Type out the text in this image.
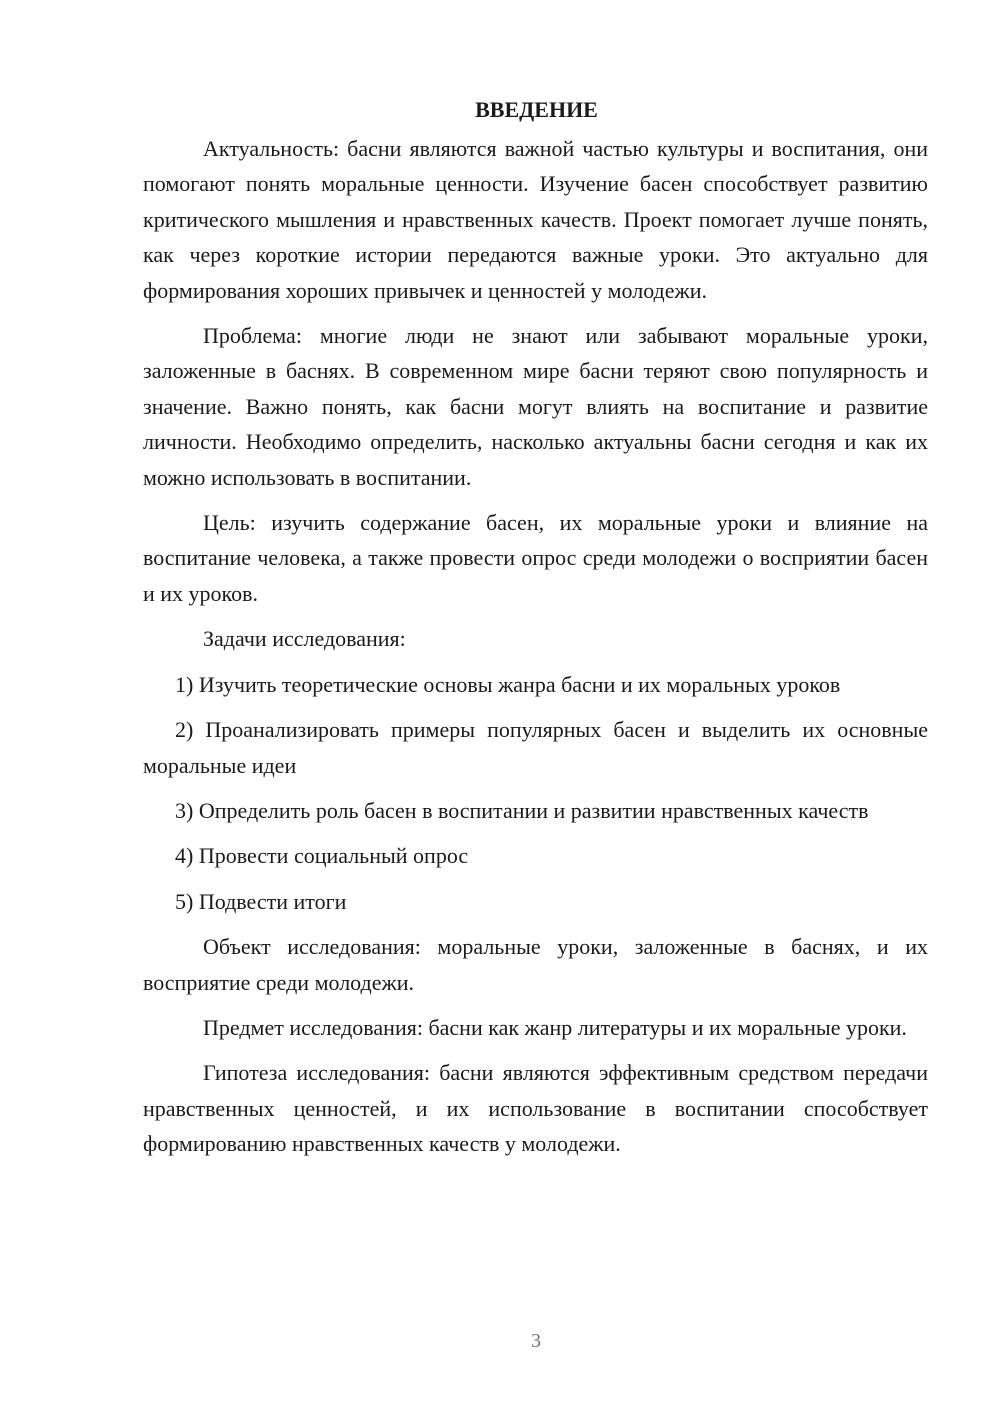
ВВЕДЕНИЕ

Актуальность: басни являются важной частью культуры и воспитания, они помогают понять моральные ценности. Изучение басен способствует развитию критического мышления и нравственных качеств. Проект помогает лучше понять, как через короткие истории передаются важные уроки. Это актуально для формирования хороших привычек и ценностей у молодежи.

Проблема: многие люди не знают или забывают моральные уроки, заложенные в баснях. В современном мире басни теряют свою популярность и значение. Важно понять, как басни могут влиять на воспитание и развитие личности. Необходимо определить, насколько актуальны басни сегодня и как их можно использовать в воспитании.

Цель: изучить содержание басен, их моральные уроки и влияние на воспитание человека, а также провести опрос среди молодежи о восприятии басен и их уроков.

Задачи исследования:

1) Изучить теоретические основы жанра басни и их моральных уроков

2) Проанализировать примеры популярных басен и выделить их основные моральные идеи

3) Определить роль басен в воспитании и развитии нравственных качеств

4) Провести социальный опрос

5) Подвести итоги

Объект исследования: моральные уроки, заложенные в баснях, и их восприятие среди молодежи.

Предмет исследования: басни как жанр литературы и их моральные уроки.

Гипотеза исследования: басни являются эффективным средством передачи нравственных ценностей, и их использование в воспитании способствует формированию нравственных качеств у молодежи.

3
